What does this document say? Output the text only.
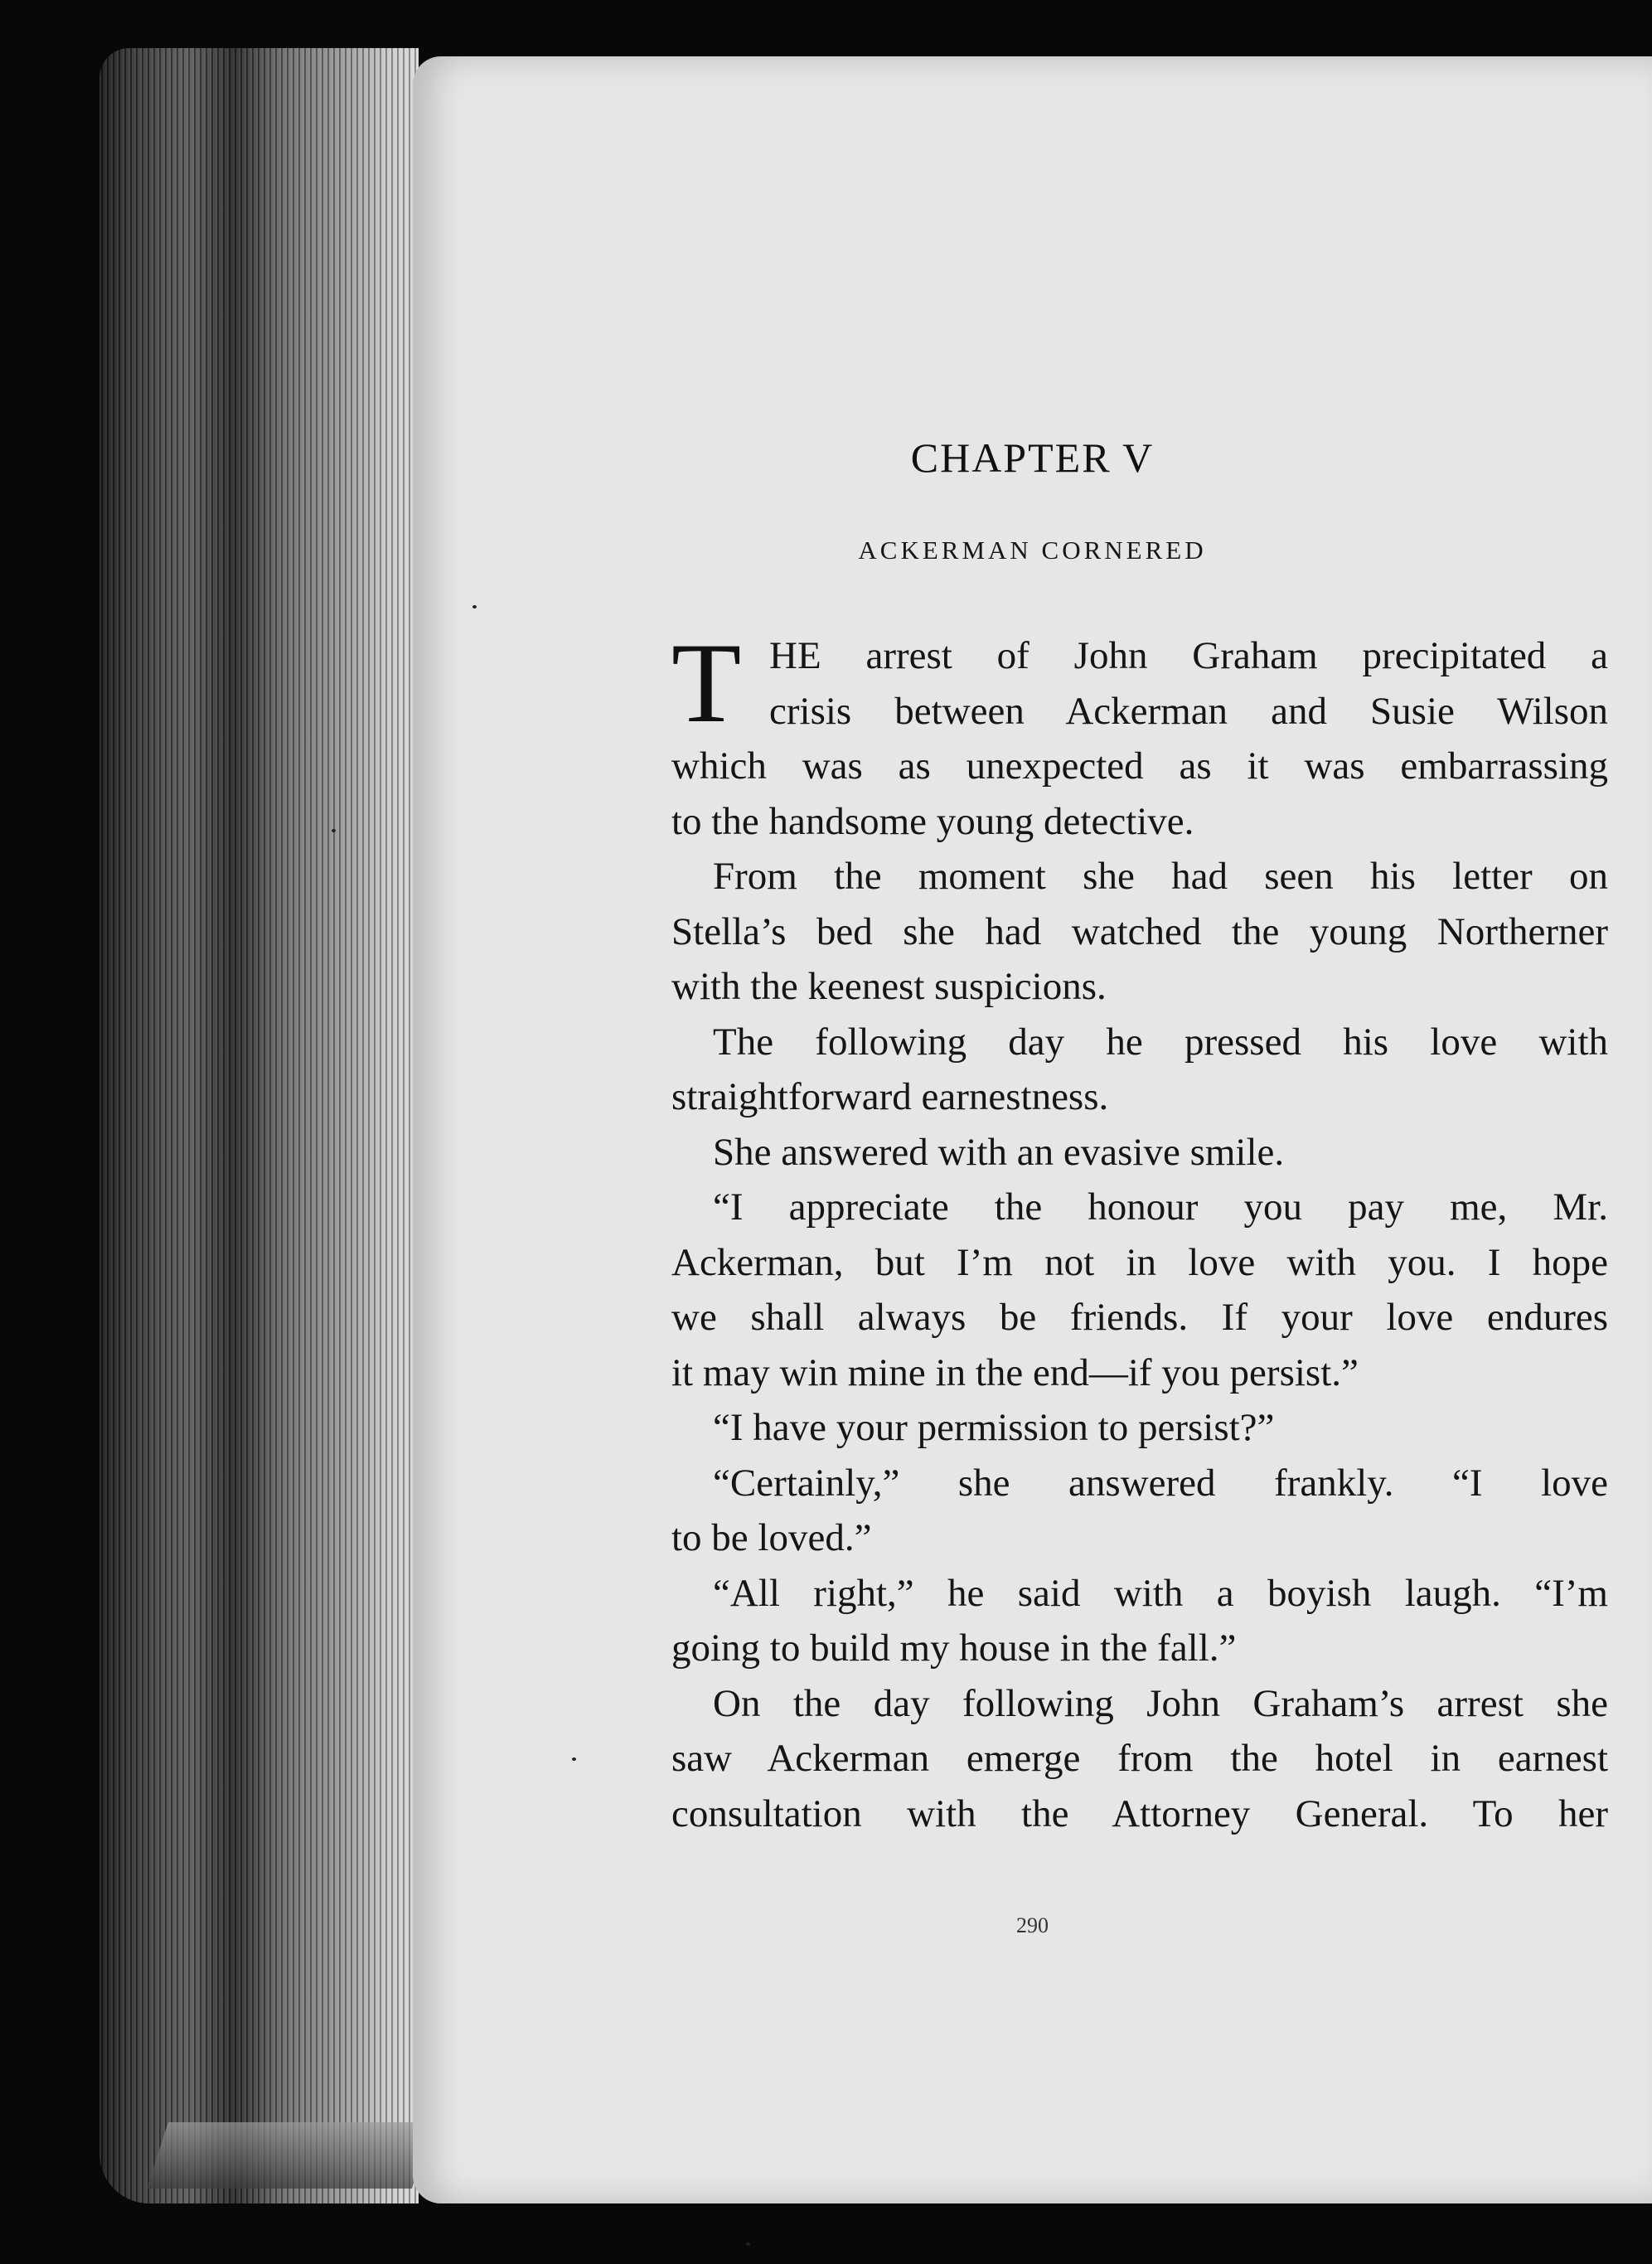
CHAPTER V
ACKERMAN CORNERED
T HE arrest of John Graham precipitated a
crisis between Ackerman and Susie Wilson
which was as unexpected as it was embarrassing
to the handsome young detective.
From the moment she had seen his letter on
Stella’s bed she had watched the young Northerner
with the keenest suspicions.
The following day he pressed his love with
straightforward earnestness.
She answered with an evasive smile.
“I appreciate the honour you pay me, Mr.
Ackerman, but I’m not in love with you. I hope
we shall always be friends. If your love endures
it may win mine in the end—if you persist.”
“I have your permission to persist?”
“Certainly,” she answered frankly. “I love
to be loved.”
“All right,” he said with a boyish laugh. “I’m
going to build my house in the fall.”
On the day following John Graham’s arrest she
saw Ackerman emerge from the hotel in earnest
consultation with the Attorney General. To her
290
